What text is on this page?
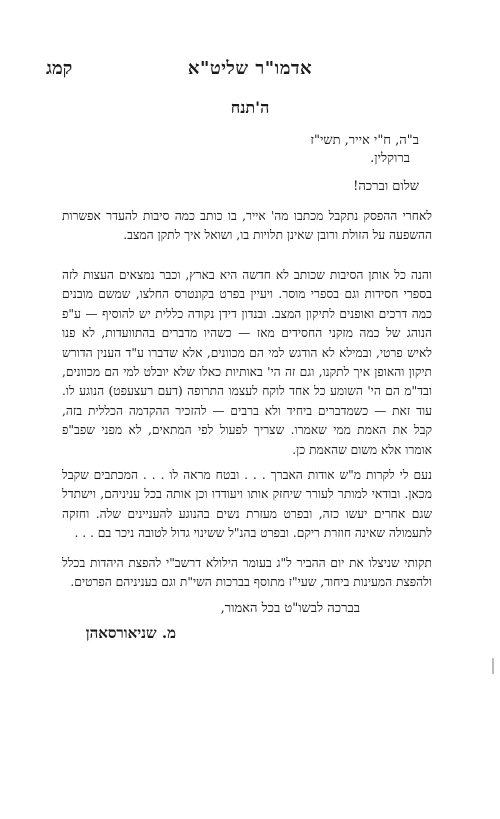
אדמו"ר שליט"א
קמג
ה'תנח
ב"ה, ח"י אייר, תשי"ז
ברוקלין.
שלום וברכה!
לאחרי ההפסק נתקבל מכתבו מה' אייר, בו כותב כמה סיבות להעדר אפשרות ההשפעה על הזולת ורובן שאינן תלויות בו, ושואל איך לתקן המצב.
והנה כל אותן הסיבות שכותב לא חדשה היא בארץ, וכבר נמצאים העצות לזה בספרי חסידות וגם בספרי מוסר. ויעיין בפרט בקונטרס החלצו, שמשם מובנים כמה דרכים ואופנים לתיקון המצב. ובנדון דידן נקודה כללית יש להוסיף — ע"פ הנוהג של כמה מזקני החסידים מאז — כשהיו מדברים בהתוועדות, לא פנו לאיש פרטי, ובמילא לא הודגש למי הם מכוונים, אלא שדברו ע"ד הענין הדורש תיקון והאופן איך לתקנו, וגם זה הי' באותיות כאלו שלא יובלט למי הם מכוונים, ובד"מ הם הי' השומע כל אחד לוקח לעצמו התרופה (דעם רעצעפט) הנוגע לו. עוד זאת — כשמדברים ביחיד ולא ברבים — להזכיר ההקדמה הכללית בזה, קבל את האמת ממי שאמרו. שצריך לפעול לפי המתאים, לא מפני שפב"פ אומרו אלא משום שהאמת כן.
נעם לי לקרות מ"ש אודות האברך . . . ובטח מראה לו . . . המכתבים שקבל מכאן. ובודאי למותר לעורר שיחזק אותו ויעודדו וכן אותה בכל עניניהם, וישתדל שגם אחרים יעשו כזה, ובפרט מעזרת נשים בהנוגע להעניינים שלה. וחזקה לתעמולה שאינה חוזרת ריקם. ובפרט בהנ"ל ששינוי גדול לטובה ניכר בם . . .
תקותי שניצלו את יום ההביר ל"ג בעומר הילולא דרשב"י להפצת היהדות בכלל ולהפצת המעינות ביחוד, שעי"ז מתוסף בברכות השי"ת וגם בעניניהם הפרטים.
בברכה לבשו"ט בכל האמור,
מ. שניאורסאהן
